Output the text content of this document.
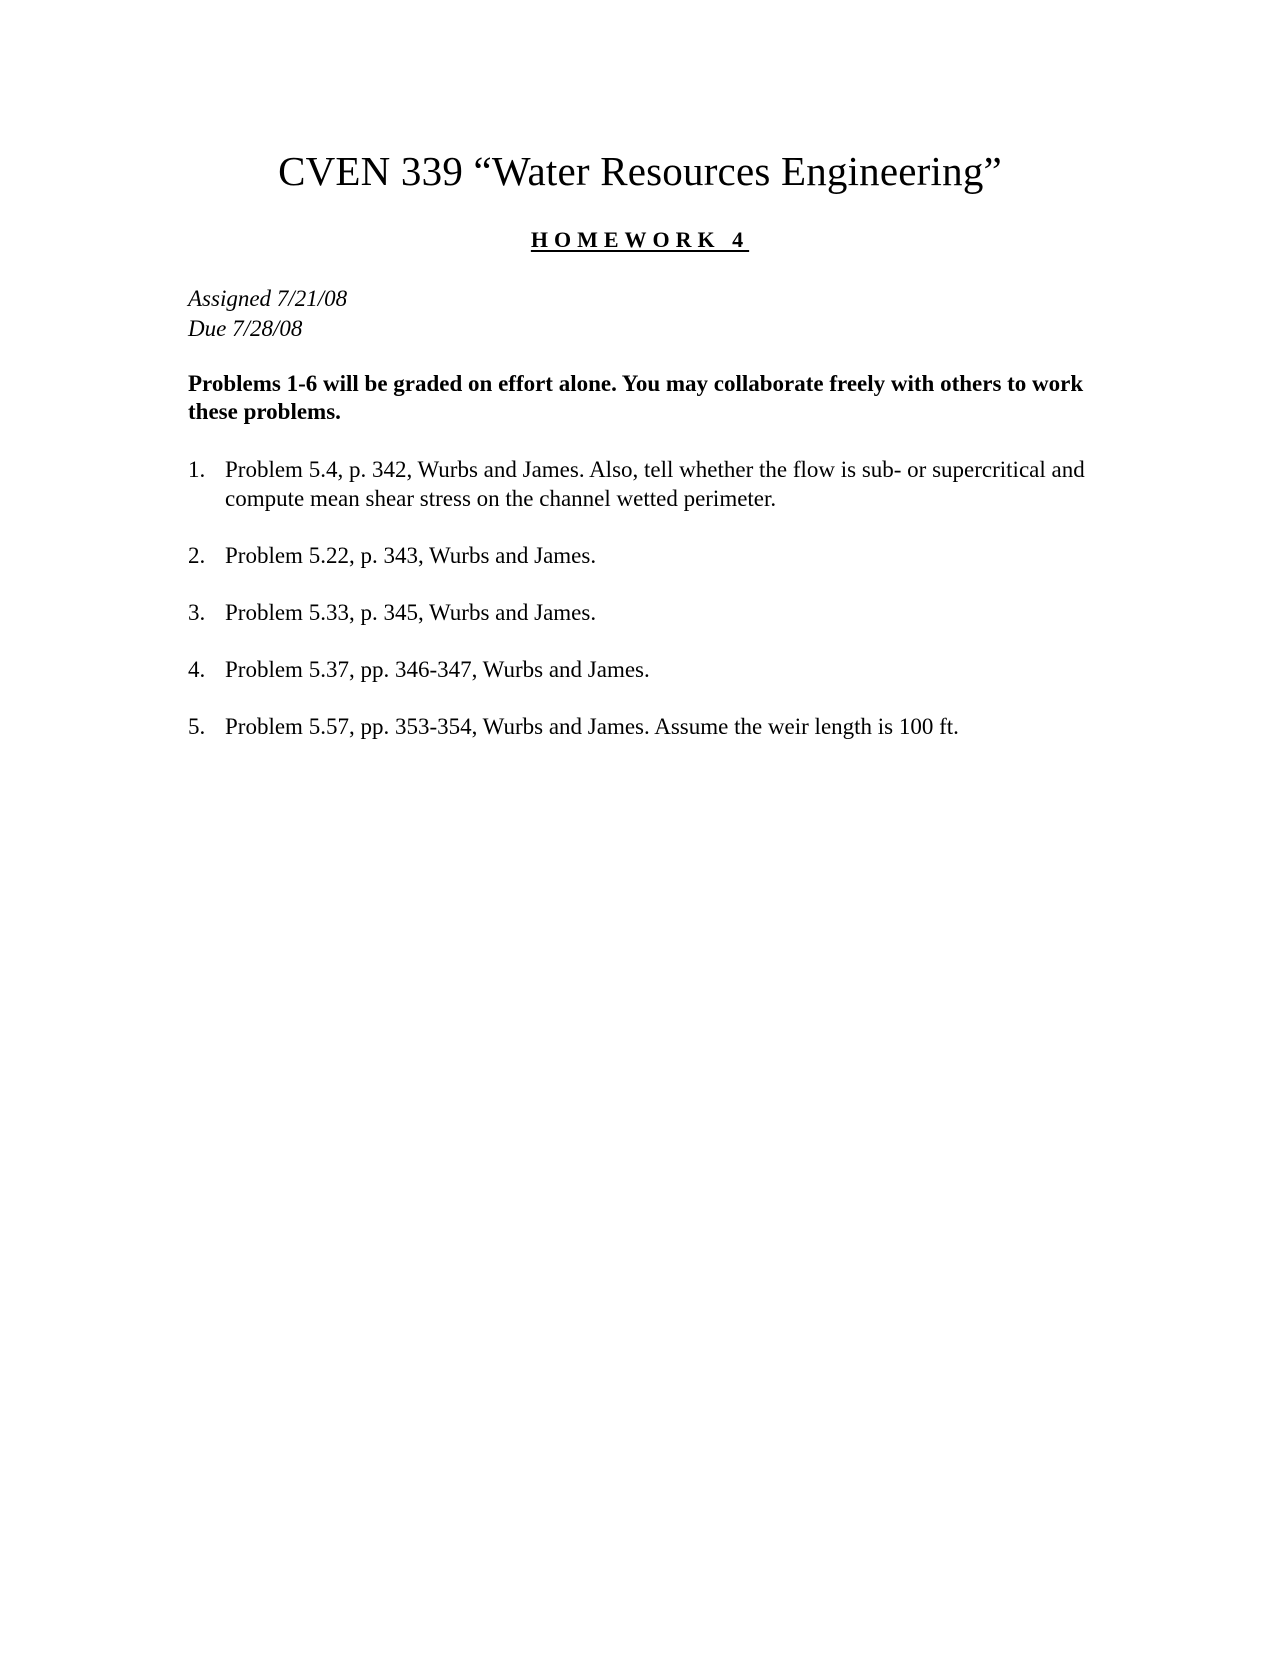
CVEN 339 “Water Resources Engineering”
HOMEWORK 4
Assigned 7/21/08
Due 7/28/08
Problems 1-6 will be graded on effort alone. You may collaborate freely with others to work these problems.
1. Problem 5.4, p. 342, Wurbs and James. Also, tell whether the flow is sub- or supercritical and compute mean shear stress on the channel wetted perimeter.
2. Problem 5.22, p. 343, Wurbs and James.
3. Problem 5.33, p. 345, Wurbs and James.
4. Problem 5.37, pp. 346-347, Wurbs and James.
5. Problem 5.57, pp. 353-354, Wurbs and James. Assume the weir length is 100 ft.
